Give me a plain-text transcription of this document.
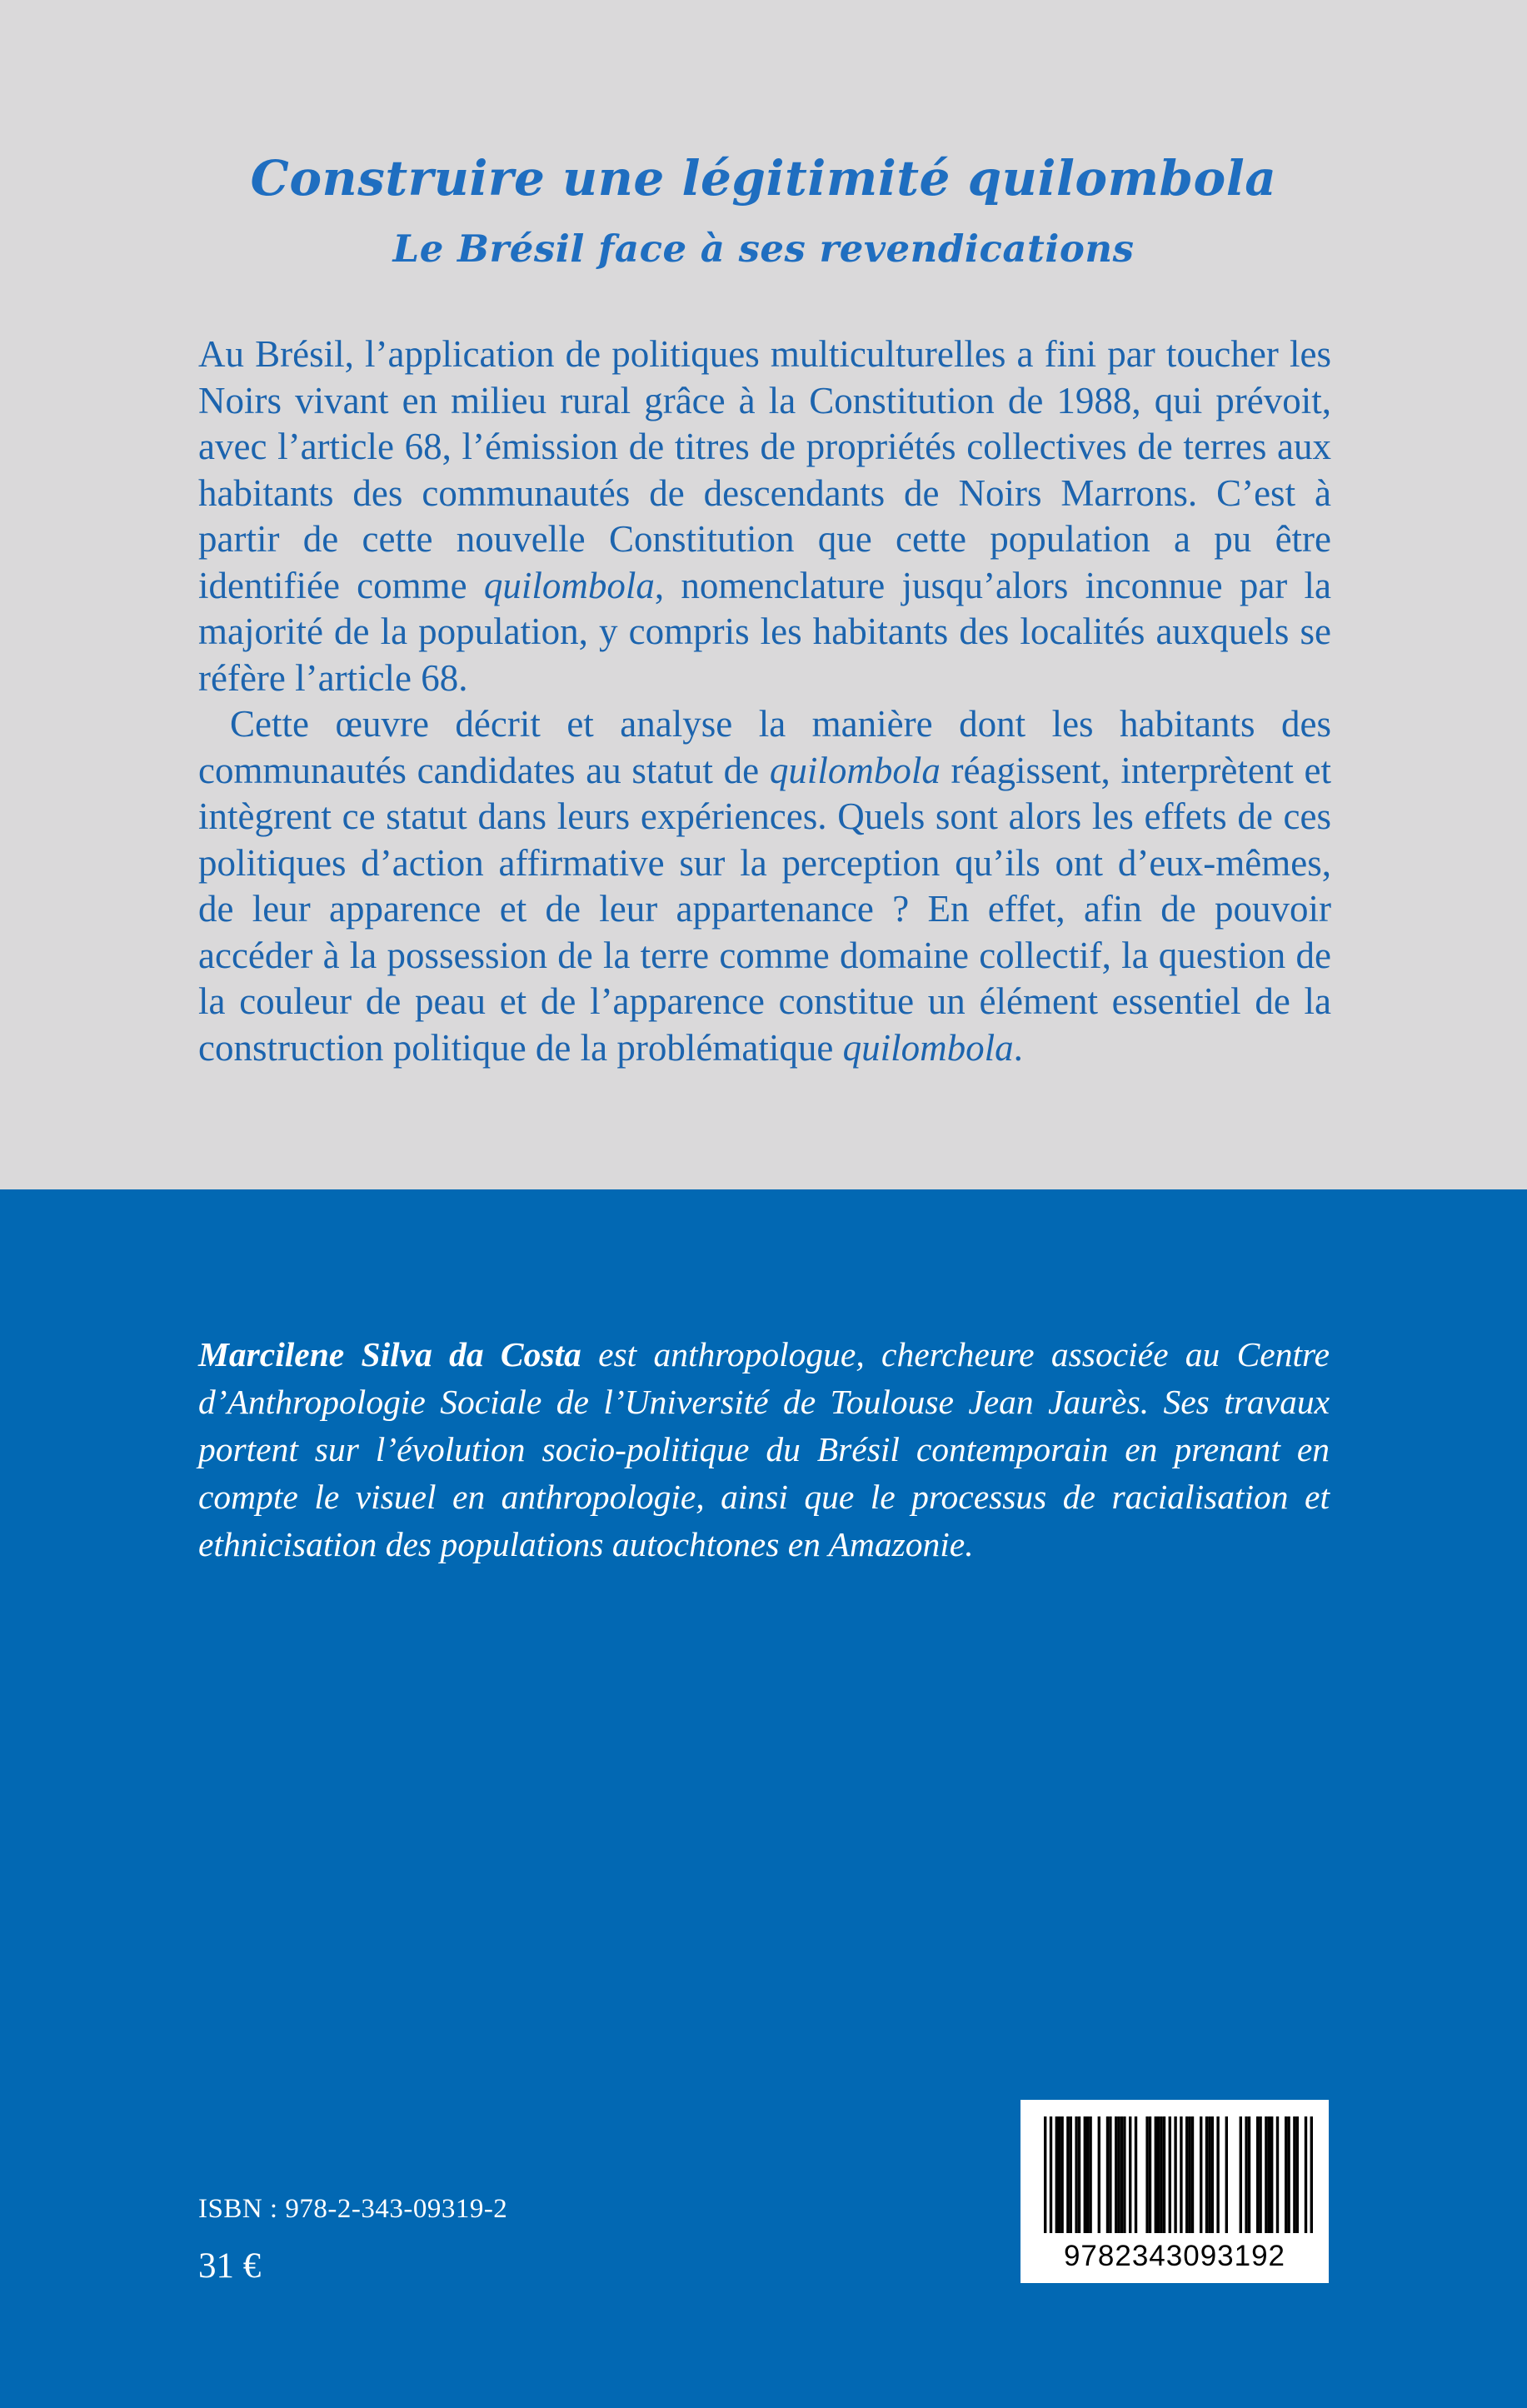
Construire une légitimité quilombola
Le Brésil face à ses revendications

Au Brésil, l’application de politiques multiculturelles a fini par toucher les Noirs vivant en milieu rural grâce à la Constitution de 1988, qui prévoit, avec l’article 68, l’émission de titres de propriétés collectives de terres aux habitants des communautés de descendants de Noirs Marrons. C’est à partir de cette nouvelle Constitution que cette population a pu être identifiée comme quilombola, nomenclature jusqu’alors inconnue par la majorité de la population, y compris les habitants des localités auxquels se réfère l’article 68.

Cette œuvre décrit et analyse la manière dont les habitants des communautés candidates au statut de quilombola réagissent, interprètent et intègrent ce statut dans leurs expériences. Quels sont alors les effets de ces politiques d’action affirmative sur la perception qu’ils ont d’eux-mêmes, de leur apparence et de leur appartenance ? En effet, afin de pouvoir accéder à la possession de la terre comme domaine collectif, la question de la couleur de peau et de l’apparence constitue un élément essentiel de la construction politique de la problématique quilombola.

Marcilene Silva da Costa est anthropologue, chercheure associée au Centre d’Anthropologie Sociale de l’Université de Toulouse Jean Jaurès. Ses travaux portent sur l’évolution socio-politique du Brésil contemporain en prenant en compte le visuel en anthropologie, ainsi que le processus de racialisation et ethnicisation des populations autochtones en Amazonie.

ISBN : 978-2-343-09319-2
31 €	9782343093192
